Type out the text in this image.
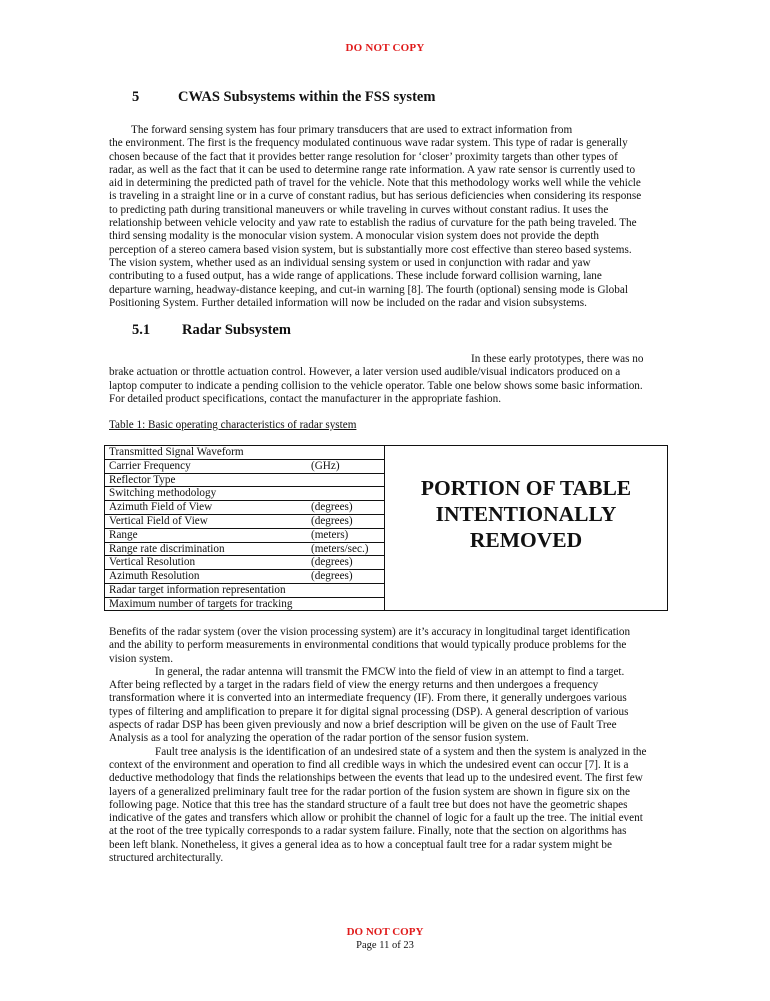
DO NOT COPY
5	CWAS Subsystems within the FSS system
The forward sensing system has four primary transducers that are used to extract information from
the environment. The first is the frequency modulated continuous wave radar system. This type of radar is generally
chosen because of the fact that it provides better range resolution for ‘closer’ proximity targets than other types of
radar, as well as the fact that it can be used to determine range rate information. A yaw rate sensor is currently used to
aid in determining the predicted path of travel for the vehicle. Note that this methodology works well while the vehicle
is traveling in a straight line or in a curve of constant radius, but has serious deficiencies when considering its response
to predicting path during transitional maneuvers or while traveling in curves without constant radius. It uses the
relationship between vehicle velocity and yaw rate to establish the radius of curvature for the path being traveled. The
third sensing modality is the monocular vision system. A monocular vision system does not provide the depth
perception of a stereo camera based vision system, but is substantially more cost effective than stereo based systems.
The vision system, whether used as an individual sensing system or used in conjunction with radar and yaw
contributing to a fused output, has a wide range of applications. These include forward collision warning, lane
departure warning, headway-distance keeping, and cut-in warning [8]. The fourth (optional) sensing mode is Global
Positioning System. Further detailed information will now be included on the radar and vision subsystems.
5.1 Radar Subsystem
In these early prototypes, there was no
brake actuation or throttle actuation control. However, a later version used audible/visual indicators produced on a
laptop computer to indicate a pending collision to the vehicle operator. Table one below shows some basic information.
For detailed product specifications, contact the manufacturer in the appropriate fashion.
Table 1: Basic operating characteristics of radar system
Transmitted Signal Waveform
Carrier Frequency	(GHz)
Reflector Type
Switching methodology
Azimuth Field of View	(degrees)
Vertical Field of View	(degrees)
Range	(meters)
Range rate discrimination	(meters/sec.)
Vertical Resolution	(degrees)
Azimuth Resolution	(degrees)
Radar target information representation
Maximum number of targets for tracking
PORTION OF TABLE
INTENTIONALLY
REMOVED
Benefits of the radar system (over the vision processing system) are it’s accuracy in longitudinal target identification
and the ability to perform measurements in environmental conditions that would typically produce problems for the
vision system.
In general, the radar antenna will transmit the FMCW into the field of view in an attempt to find a target.
After being reflected by a target in the radars field of view the energy returns and then undergoes a frequency
transformation where it is converted into an intermediate frequency (IF). From there, it generally undergoes various
types of filtering and amplification to prepare it for digital signal processing (DSP). A general description of various
aspects of radar DSP has been given previously and now a brief description will be given on the use of Fault Tree
Analysis as a tool for analyzing the operation of the radar portion of the sensor fusion system.
Fault tree analysis is the identification of an undesired state of a system and then the system is analyzed in the
context of the environment and operation to find all credible ways in which the undesired event can occur [7]. It is a
deductive methodology that finds the relationships between the events that lead up to the undesired event. The first few
layers of a generalized preliminary fault tree for the radar portion of the fusion system are shown in figure six on the
following page. Notice that this tree has the standard structure of a fault tree but does not have the geometric shapes
indicative of the gates and transfers which allow or prohibit the channel of logic for a fault up the tree. The initial event
at the root of the tree typically corresponds to a radar system failure. Finally, note that the section on algorithms has
been left blank. Nonetheless, it gives a general idea as to how a conceptual fault tree for a radar system might be
structured architecturally.
DO NOT COPY
Page 11 of 23
